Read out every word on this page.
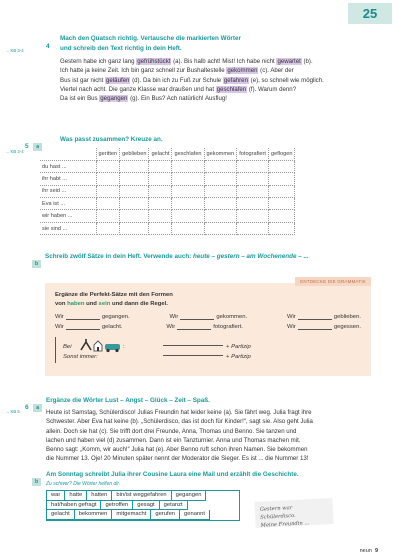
25
4
→ KB 3-4
Mach den Quatsch richtig. Vertausche die markierten Wörter
und schreib den Text richtig in dein Heft.
Gestern habe ich ganz lang gefrühstückt (a). Bis halb acht! Mist! Ich habe nicht gewartet (b).
Ich hatte ja keine Zeit. Ich bin ganz schnell zur Bushaltestelle gekommen (c). Aber der
Bus ist gar nicht geläufen (d). Da bin ich zu Fuß zur Schule gefahren (e), so schnell wie möglich.
Viertel nach acht. Die ganze Klasse war draußen und hat geschlafen (f). Warum denn?
Da ist ein Bus gegangen (g). Ein Bus? Ach natürlich! Ausflug!
5 a
→ KB 3-4
Was passt zusammen? Kreuze an.
	geritten	geblieben	gelacht	geschlafen	gekommen	fotografiert	geflogen
du hast ...							
ihr habt ...							
ihr seid ...							
Eva ist ...							
wir haben ...							
sie sind ...							
b
Schreib zwölf Sätze in dein Heft. Verwende auch: heute – gestern – am Wochenende – ...
ENTDECKE DIE GRAMMATIK
Ergänze die Perfekt-Sätze mit den Formen
von haben und sein und dann die Regel.
Wir	gegangen.	Wir	gekommen.	Wir	geblieben.
Wir	gelacht.	Wir	fotografiert.	Wir	gegessen.
Bei	:	+ Partizip
Sonst immer:	+ Partizip
6 a
→ KB 5
Ergänze die Wörter Lust – Angst – Glück – Zeit – Spaß.
Heute ist Samstag, Schülerdisco! Julias Freundin hat leider keine (a). Sie fährt weg. Julia fragt ihre
Schwester. Aber Eva hat keine (b). „Schülerdisco, das ist doch für Kinder!“, sagt sie. Also geht Julia
allein. Doch sie hat (c). Sie trifft dort drei Freunde, Anna, Thomas und Benno. Sie tanzen und
lachen und haben viel (d) zusammen. Dann ist ein Tanzturnier. Anna und Thomas machen mit.
Benno sagt: „Komm, wir auch!“ Julia hat (e). Aber Benno ruft schon ihren Namen. Sie bekommen
die Nummer 13. Oje! 20 Minuten später nennt der Moderator die Sieger. Es ist ... die Nummer 13!
b
Am Sonntag schreibt Julia ihrer Cousine Laura eine Mail und erzählt die Geschichte.
Zu schwer? Die Wörter helfen dir.
war	hatte	hatten	bin/ist weggefahren	gegangen
hat/haben gefragt	getroffen	gesagt	getanzt
gelacht	bekommen	mitgemacht	gerufen	genannt
Gestern war Schülerdisco.
Meine Freundin ...
neun 9
